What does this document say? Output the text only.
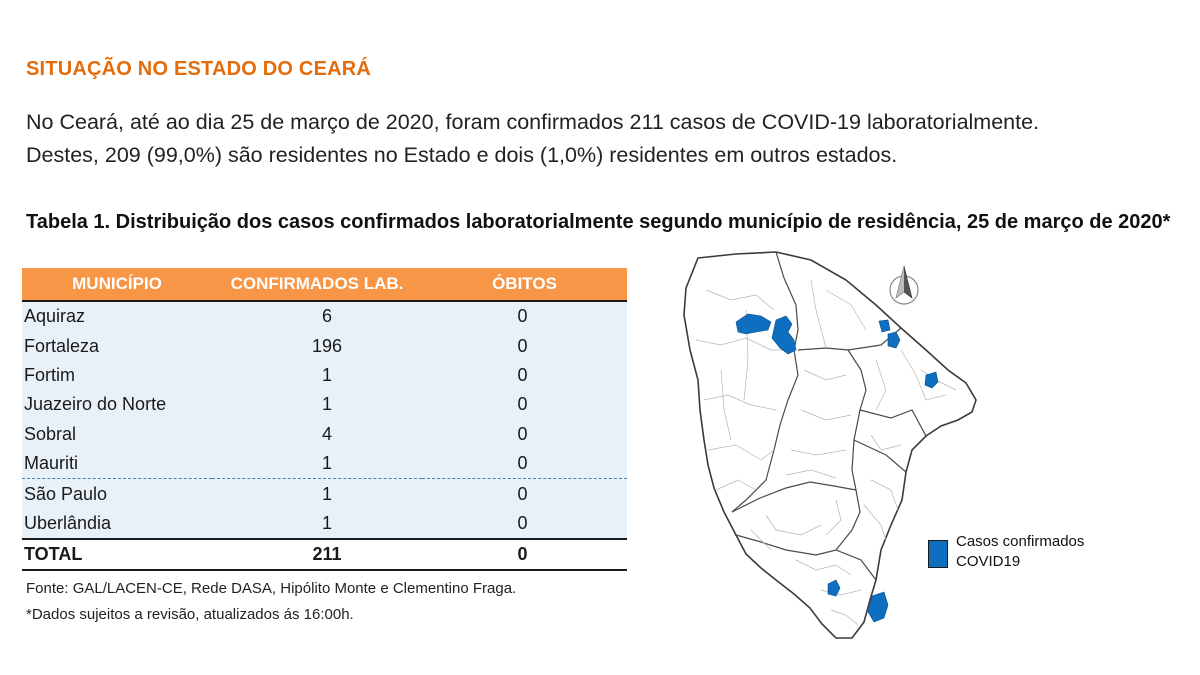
SITUAÇÃO NO ESTADO DO CEARÁ
No Ceará, até ao dia 25 de março de 2020, foram confirmados 211 casos de COVID-19 laboratorialmente.
Destes, 209 (99,0%) são residentes no Estado e dois (1,0%) residentes em outros estados.
Tabela 1. Distribuição dos casos confirmados laboratorialmente segundo município de residência, 25 de março de 2020*
MUNICÍPIO	CONFIRMADOS LAB.	ÓBITOS
Aquiraz	6	0
Fortaleza	196	0
Fortim	1	0
Juazeiro do Norte	1	0
Sobral	4	0
Mauriti	1	0
São Paulo	1	0
Uberlândia	1	0
TOTAL	211	0
Fonte: GAL/LACEN-CE, Rede DASA, Hipólito Monte e Clementino Fraga.
*Dados sujeitos a revisão, atualizados ás 16:00h.
Casos confirmados
COVID19
